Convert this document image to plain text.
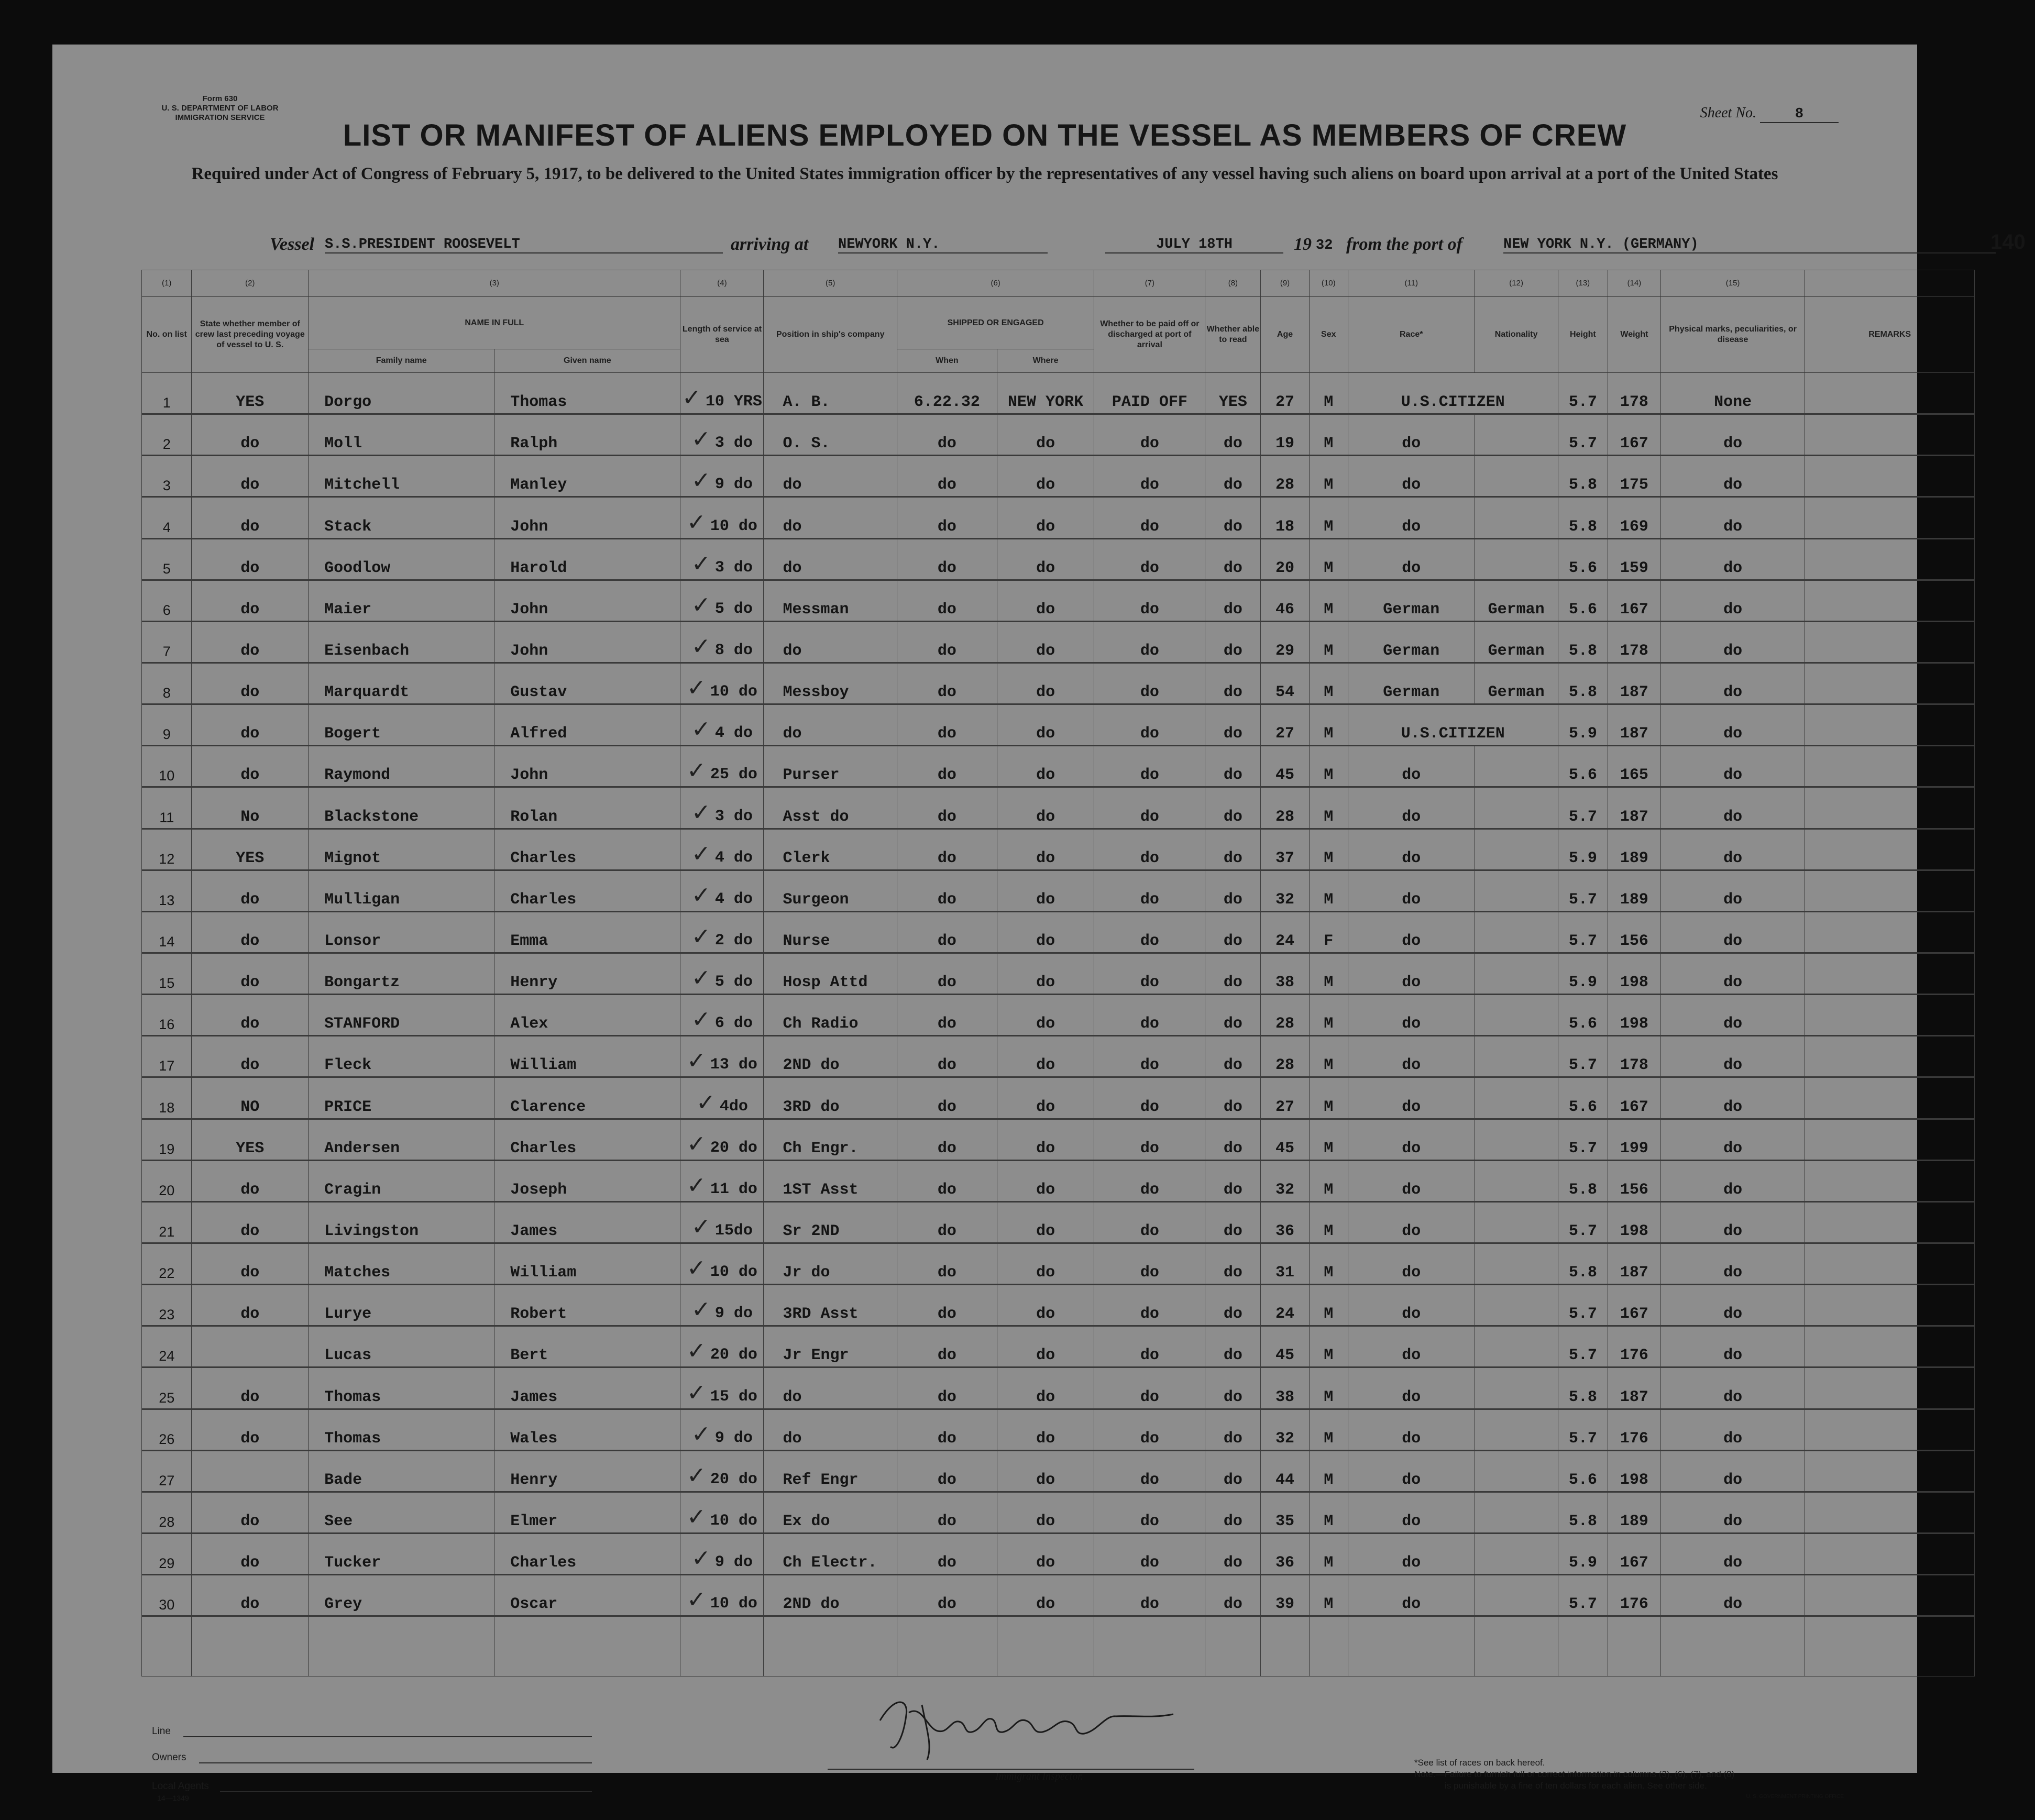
Form 630
U. S. DEPARTMENT OF LABOR
IMMIGRATION SERVICE	Sheet No.	8
LIST OR MANIFEST OF ALIENS EMPLOYED ON THE VESSEL AS MEMBERS OF CREW
Required under Act of Congress of February 5, 1917, to be delivered to the United States immigration officer by the representatives of any vessel having such aliens on board upon arrival at a port of the United States
Vessel S.S.PRESIDENT ROOSEVELT	arriving at NEWYORK N.Y.	JULY 18TH	19 32 from the port of	NEW YORK N.Y. (GERMANY)	140
(1)	(2)	(3)		(4)	(5)	(6)		(7)	(8)	(9)	(10)	(11)	(12)	(13)	(14)	(15)	
No. on list	State whether member of crew last preceding voyage of vessel to U. S.	NAME IN FULL		Length of service at sea	Position in ship's company	SHIPPED OR ENGAGED		Whether to be paid off or discharged at port of arrival	Whether able to read	Age	Sex	Race*	Nationality	Height	Weight	Physical marks, peculiarities, or disease	REMARKS
		Family name	Given name			When	Where										
1	YES	Dorgo	Thomas	✓ 10 YRS	A. B.	6.22.32	NEW YORK	PAID OFF	YES	27	M	U.S.CITIZEN		5.7	178	None	
2	do	Moll	Ralph	✓ 3 do	O. S.	do	do	do	do	19	M	do		5.7	167	do	
3	do	Mitchell	Manley	✓ 9 do	do	do	do	do	do	28	M	do		5.8	175	do	
4	do	Stack	John	✓ 10 do	do	do	do	do	do	18	M	do		5.8	169	do	
5	do	Goodlow	Harold	✓ 3 do	do	do	do	do	do	20	M	do		5.6	159	do	
6	do	Maier	John	✓ 5 do	Messman	do	do	do	do	46	M	German	German	5.6	167	do	
7	do	Eisenbach	John	✓ 8 do	do	do	do	do	do	29	M	German	German	5.8	178	do	
8	do	Marquardt	Gustav	✓ 10 do	Messboy	do	do	do	do	54	M	German	German	5.8	187	do	
9	do	Bogert	Alfred	✓ 4 do	do	do	do	do	do	27	M	U.S.CITIZEN		5.9	187	do	
10	do	Raymond	John	✓ 25 do	Purser	do	do	do	do	45	M	do		5.6	165	do	
11	No	Blackstone	Rolan	✓ 3 do	Asst do	do	do	do	do	28	M	do		5.7	187	do	
12	YES	Mignot	Charles	✓ 4 do	Clerk	do	do	do	do	37	M	do		5.9	189	do	
13	do	Mulligan	Charles	✓ 4 do	Surgeon	do	do	do	do	32	M	do		5.7	189	do	
14	do	Lonsor	Emma	✓ 2 do	Nurse	do	do	do	do	24	F	do		5.7	156	do	
15	do	Bongartz	Henry	✓ 5 do	Hosp Attd	do	do	do	do	38	M	do		5.9	198	do	
16	do	STANFORD	Alex	✓ 6 do	Ch Radio	do	do	do	do	28	M	do		5.6	198	do	
17	do	Fleck	William	✓ 13 do	2ND do	do	do	do	do	28	M	do		5.7	178	do	
18	NO	PRICE	Clarence	✓ 4do	3RD do	do	do	do	do	27	M	do		5.6	167	do	
19	YES	Andersen	Charles	✓ 20 do	Ch Engr.	do	do	do	do	45	M	do		5.7	199	do	
20	do	Cragin	Joseph	✓ 11 do	1ST Asst	do	do	do	do	32	M	do		5.8	156	do	
21	do	Livingston	James	✓ 15do	Sr 2ND	do	do	do	do	36	M	do		5.7	198	do	
22	do	Matches	William	✓ 10 do	Jr do	do	do	do	do	31	M	do		5.8	187	do	
23	do	Lurye	Robert	✓ 9 do	3RD Asst	do	do	do	do	24	M	do		5.7	167	do	
24		Lucas	Bert	✓ 20 do	Jr Engr	do	do	do	do	45	M	do		5.7	176	do	
25	do	Thomas	James	✓ 15 do	do	do	do	do	do	38	M	do		5.8	187	do	
26	do	Thomas	Wales	✓ 9 do	do	do	do	do	do	32	M	do		5.7	176	do	
27		Bade	Henry	✓ 20 do	Ref Engr	do	do	do	do	44	M	do		5.6	198	do	
28	do	See	Elmer	✓ 10 do	Ex do	do	do	do	do	35	M	do		5.8	189	do	
29	do	Tucker	Charles	✓ 9 do	Ch Electr.	do	do	do	do	36	M	do		5.9	167	do	
30	do	Grey	Oscar	✓ 10 do	2ND do	do	do	do	do	39	M	do		5.7	176	do	

Line
Owners
Local Agents
14—1349
Immigrant Inspector.
*See list of races on back hereof.
Note.—Failure to furnish full or correct information in columns (3), (6), (7), and (8)
is punishable by a fine of ten dollars for each alien. See other side.
U. S. GOVERNMENT PRINTING OFFICE
